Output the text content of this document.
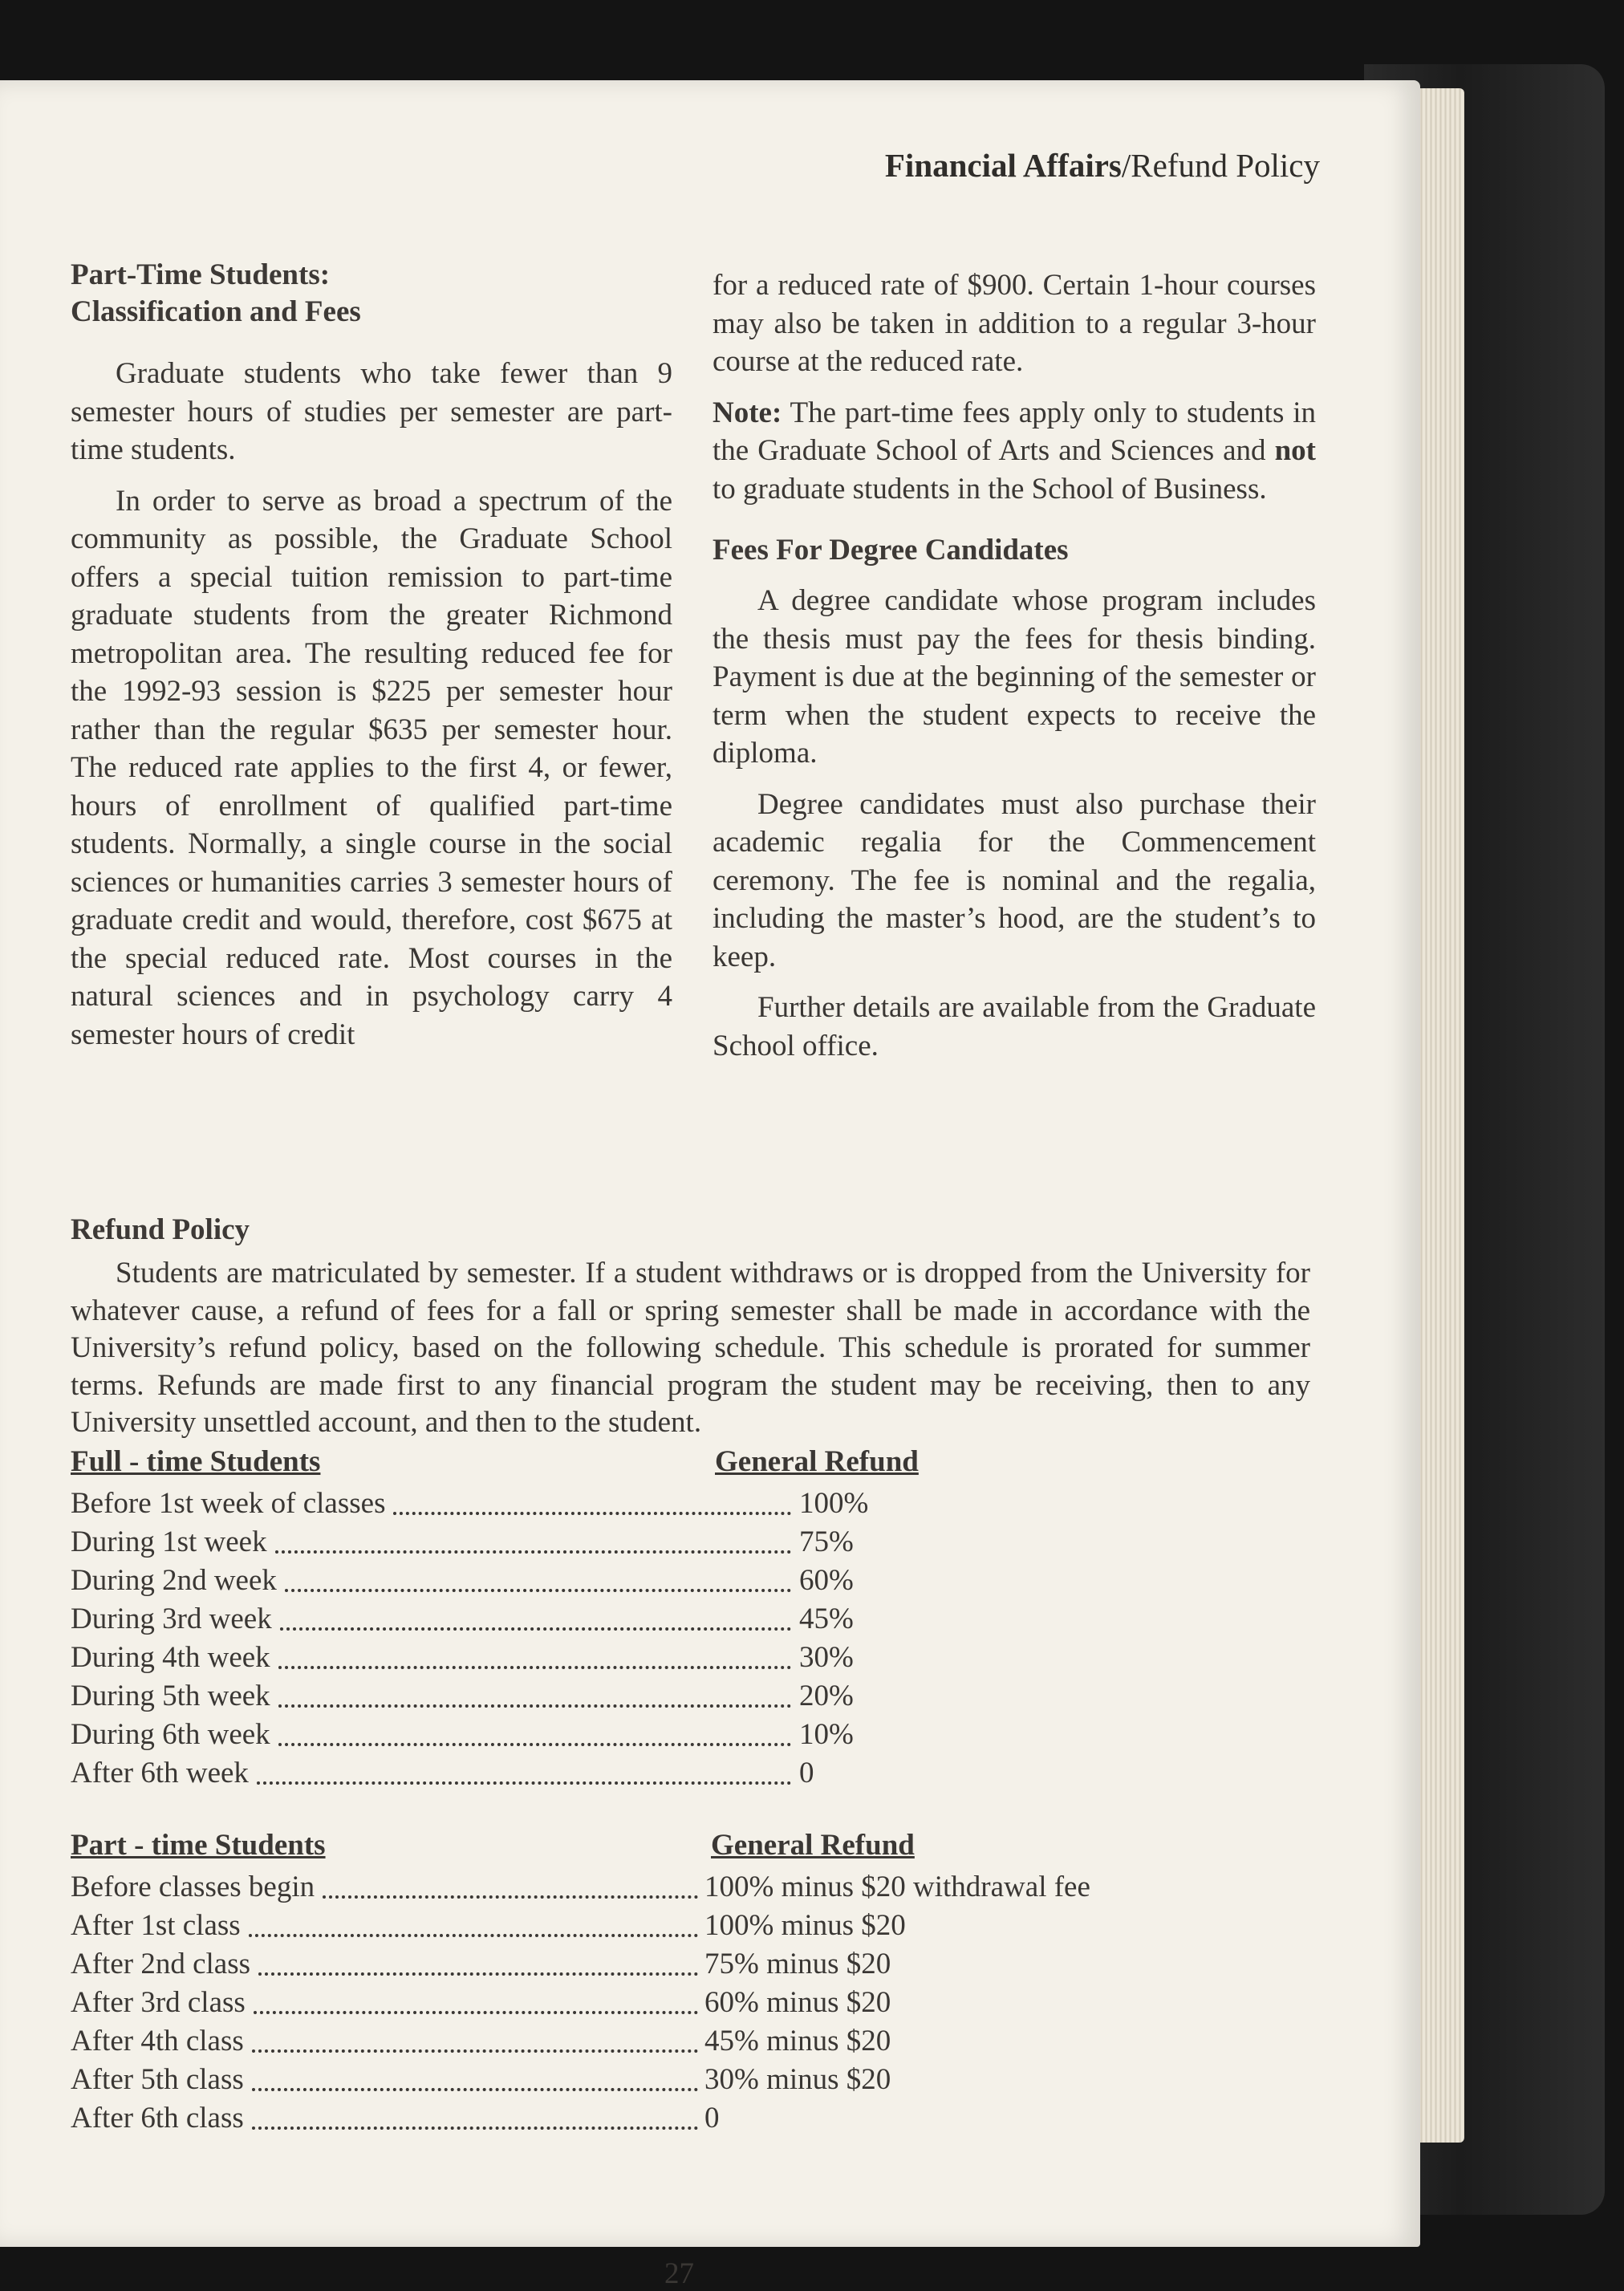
Financial Affairs/Refund Policy
Part-Time Students:
Classification and Fees

Graduate students who take fewer than 9 semester hours of studies per semester are part-time students.

In order to serve as broad a spectrum of the community as possible, the Graduate School offers a special tuition remission to part-time graduate students from the greater Richmond metropolitan area. The resulting reduced fee for the 1992-93 session is $225 per semester hour rather than the regular $635 per semester hour. The reduced rate applies to the first 4, or fewer, hours of enrollment of qualified part-time students. Normally, a single course in the social sciences or humanities carries 3 semester hours of graduate credit and would, therefore, cost $675 at the special reduced rate. Most courses in the natural sciences and in psychology carry 4 semester hours of credit

for a reduced rate of $900. Certain 1-hour courses may also be taken in addition to a regular 3-hour course at the reduced rate.

Note: The part-time fees apply only to students in the Graduate School of Arts and Sciences and not to graduate students in the School of Business.

Fees For Degree Candidates

A degree candidate whose program includes the thesis must pay the fees for thesis binding. Payment is due at the beginning of the semester or term when the student expects to receive the diploma.

Degree candidates must also purchase their academic regalia for the Commencement ceremony. The fee is nominal and the regalia, including the master’s hood, are the student’s to keep.

Further details are available from the Graduate School office.

Refund Policy

Students are matriculated by semester. If a student withdraws or is dropped from the University for whatever cause, a refund of fees for a fall or spring semester shall be made in accordance with the University’s refund policy, based on the following schedule. This schedule is prorated for summer terms. Refunds are made first to any financial program the student may be receiving, then to any University unsettled account, and then to the student.

Full - time Students	General Refund
Before 1st week of classes	100%
During 1st week	75%
During 2nd week	60%
During 3rd week	45%
During 4th week	30%
During 5th week	20%
During 6th week	10%
After 6th week	0
Part - time Students	General Refund
Before classes begin	100% minus $20 withdrawal fee
After 1st class	100% minus $20
After 2nd class	75% minus $20
After 3rd class	60% minus $20
After 4th class	45% minus $20
After 5th class	30% minus $20
After 6th class	0
27
